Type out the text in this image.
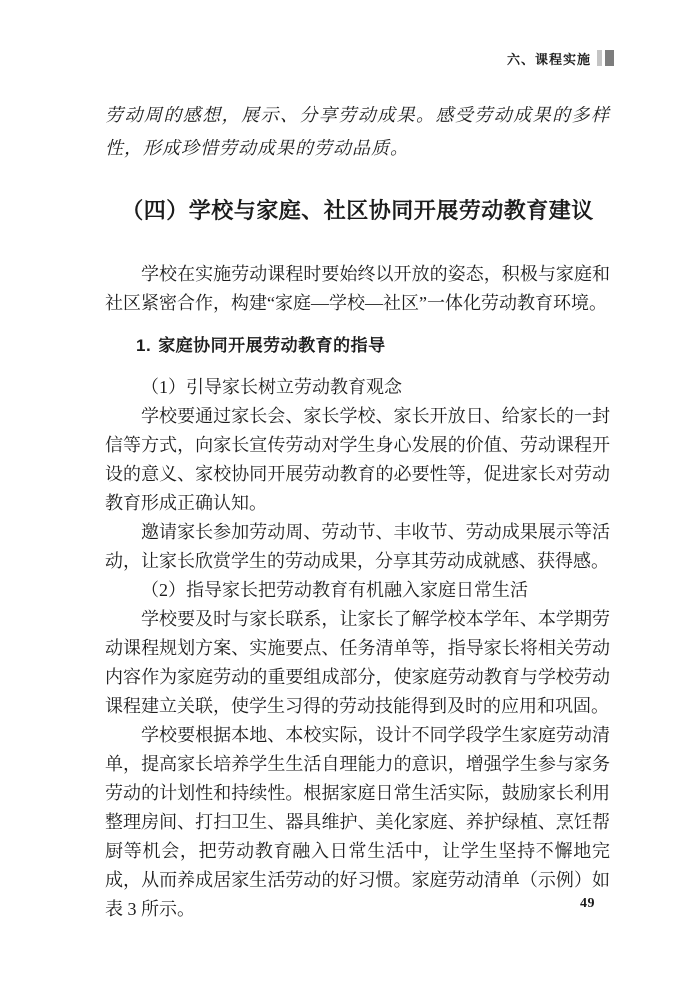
六、课程实施

劳动周的感想，展示、分享劳动成果。感受劳动成果的多样性，形成珍惜劳动成果的劳动品质。

（四）学校与家庭、社区协同开展劳动教育建议

学校在实施劳动课程时要始终以开放的姿态，积极与家庭和社区紧密合作，构建“家庭—学校—社区”一体化劳动教育环境。

1. 家庭协同开展劳动教育的指导

（1）引导家长树立劳动教育观念

学校要通过家长会、家长学校、家长开放日、给家长的一封信等方式，向家长宣传劳动对学生身心发展的价值、劳动课程开设的意义、家校协同开展劳动教育的必要性等，促进家长对劳动教育形成正确认知。

邀请家长参加劳动周、劳动节、丰收节、劳动成果展示等活动，让家长欣赏学生的劳动成果，分享其劳动成就感、获得感。

（2）指导家长把劳动教育有机融入家庭日常生活

学校要及时与家长联系，让家长了解学校本学年、本学期劳动课程规划方案、实施要点、任务清单等，指导家长将相关劳动内容作为家庭劳动的重要组成部分，使家庭劳动教育与学校劳动课程建立关联，使学生习得的劳动技能得到及时的应用和巩固。

学校要根据本地、本校实际，设计不同学段学生家庭劳动清单，提高家长培养学生生活自理能力的意识，增强学生参与家务劳动的计划性和持续性。根据家庭日常生活实际，鼓励家长利用整理房间、打扫卫生、器具维护、美化家庭、养护绿植、烹饪帮厨等机会，把劳动教育融入日常生活中，让学生坚持不懈地完成，从而养成居家生活劳动的好习惯。家庭劳动清单（示例）如表 3 所示。	49
